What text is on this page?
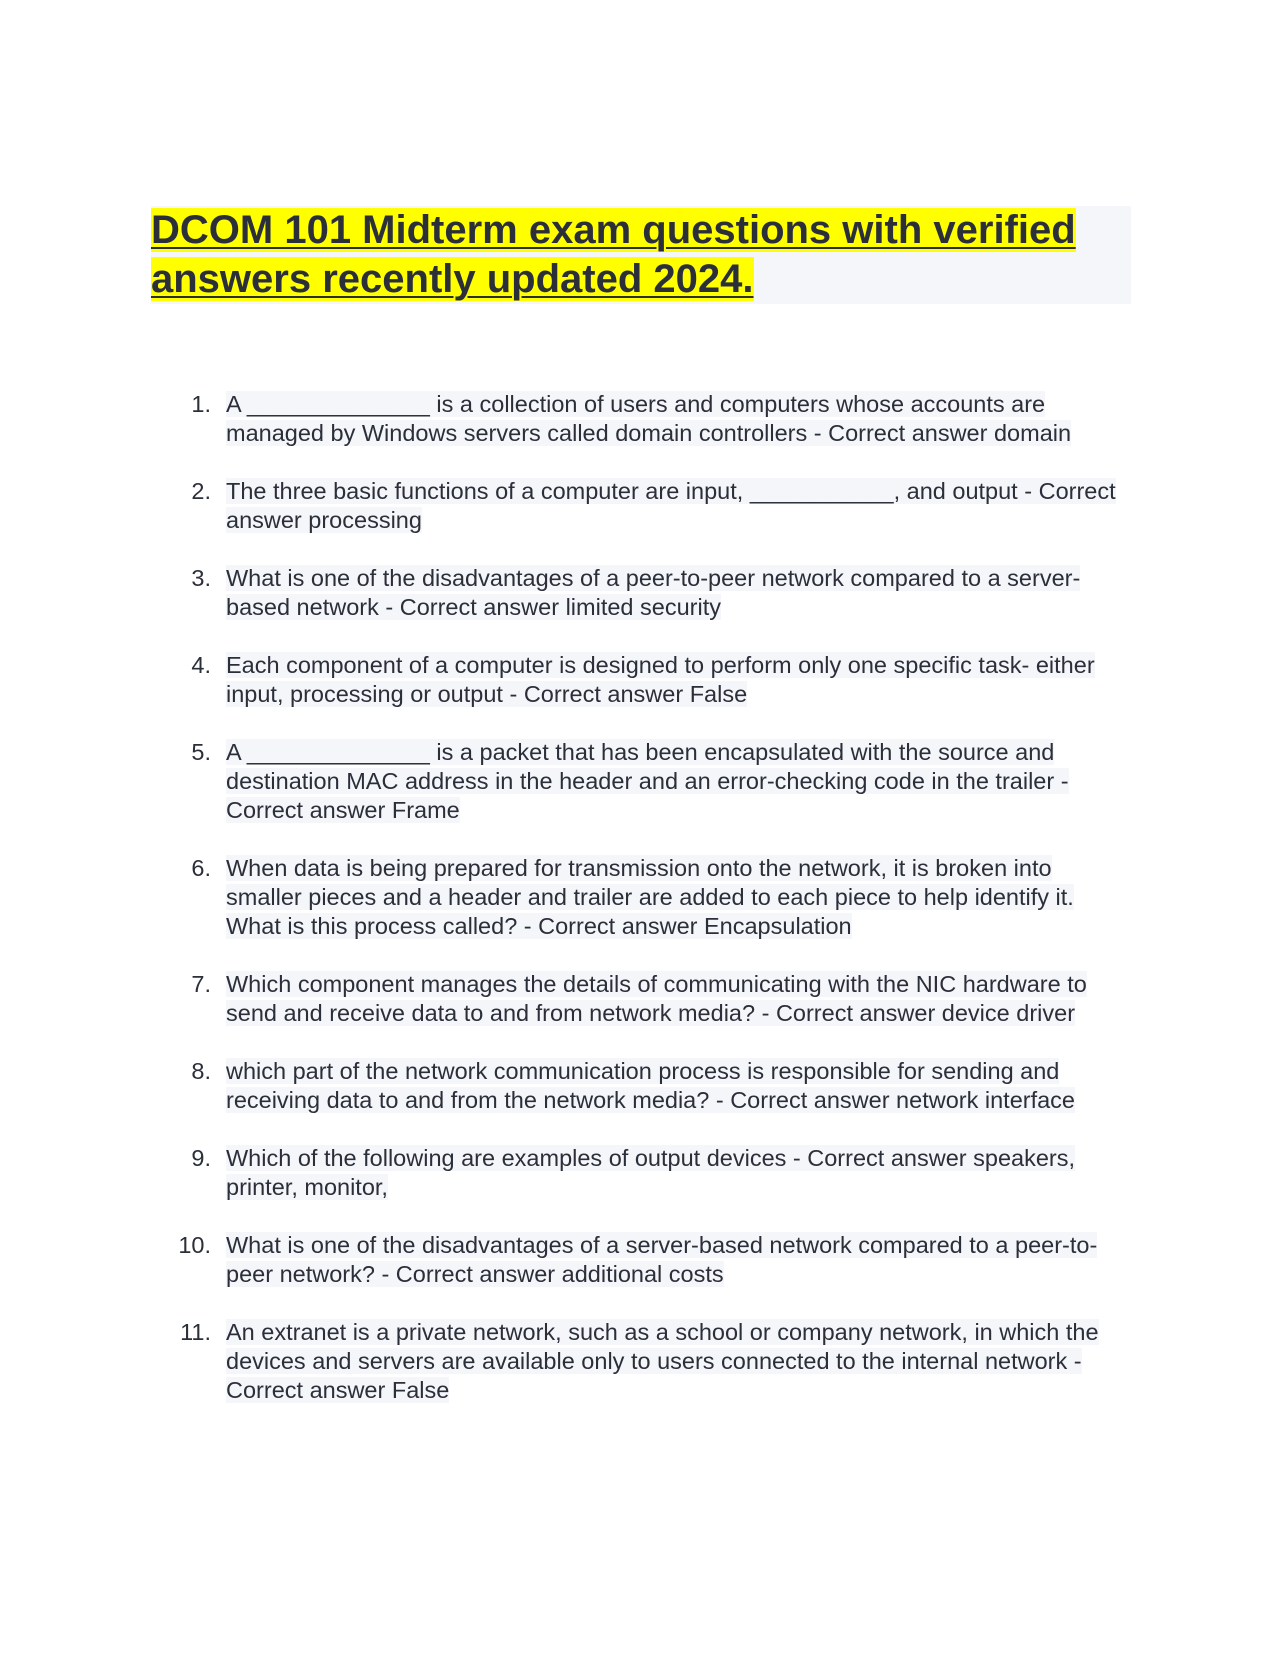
DCOM 101 Midterm exam questions with verified answers recently updated 2024.
1. A ______________ is a collection of users and computers whose accounts are managed by Windows servers called domain controllers - Correct answer domain
2. The three basic functions of a computer are input, ___________, and output - Correct answer processing
3. What is one of the disadvantages of a peer-to-peer network compared to a server-based network - Correct answer limited security
4. Each component of a computer is designed to perform only one specific task- either input, processing or output - Correct answer False
5. A ______________ is a packet that has been encapsulated with the source and destination MAC address in the header and an error-checking code in the trailer - Correct answer Frame
6. When data is being prepared for transmission onto the network, it is broken into smaller pieces and a header and trailer are added to each piece to help identify it. What is this process called? - Correct answer Encapsulation
7. Which component manages the details of communicating with the NIC hardware to send and receive data to and from network media? - Correct answer device driver
8. which part of the network communication process is responsible for sending and receiving data to and from the network media? - Correct answer network interface
9. Which of the following are examples of output devices - Correct answer speakers, printer, monitor,
10. What is one of the disadvantages of a server-based network compared to a peer-to-peer network? - Correct answer additional costs
11. An extranet is a private network, such as a school or company network, in which the devices and servers are available only to users connected to the internal network - Correct answer False
